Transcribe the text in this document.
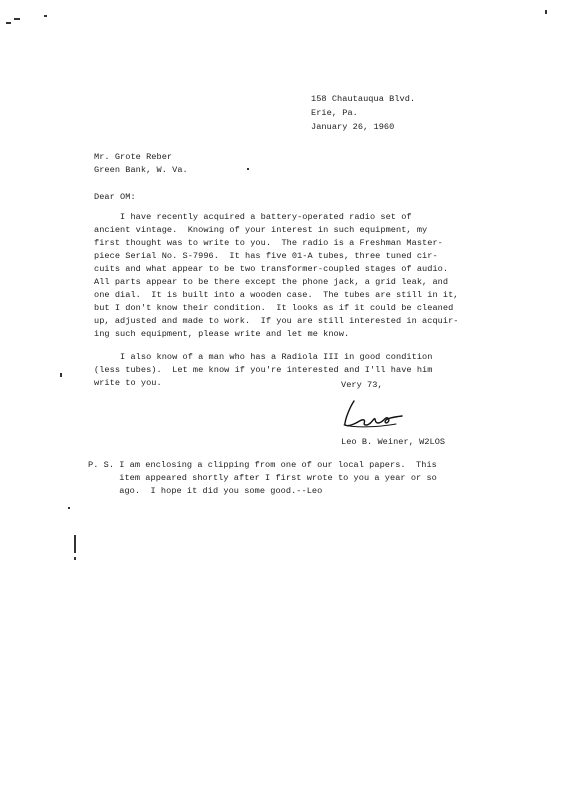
158 Chautauqua Blvd.
Erie, Pa.
January 26, 1960
Mr. Grote Reber
Green Bank, W. Va.
Dear OM:
I have recently acquired a battery-operated radio set of
ancient vintage.  Knowing of your interest in such equipment, my
first thought was to write to you.  The radio is a Freshman Master-
piece Serial No. S-7996.  It has five 01-A tubes, three tuned cir-
cuits and what appear to be two transformer-coupled stages of audio.
All parts appear to be there except the phone jack, a grid leak, and
one dial.  It is built into a wooden case.  The tubes are still in it,
but I don't know their condition.  It looks as if it could be cleaned
up, adjusted and made to work.  If you are still interested in acquir-
ing such equipment, please write and let me know.
I also know of a man who has a Radiola III in good condition
(less tubes).  Let me know if you're interested and I'll have him
write to you.	Very 73,
Leo B. Weiner, W2LOS
P. S. I am enclosing a clipping from one of our local papers.  This
item appeared shortly after I first wrote to you a year or so
ago.  I hope it did you some good.--Leo
